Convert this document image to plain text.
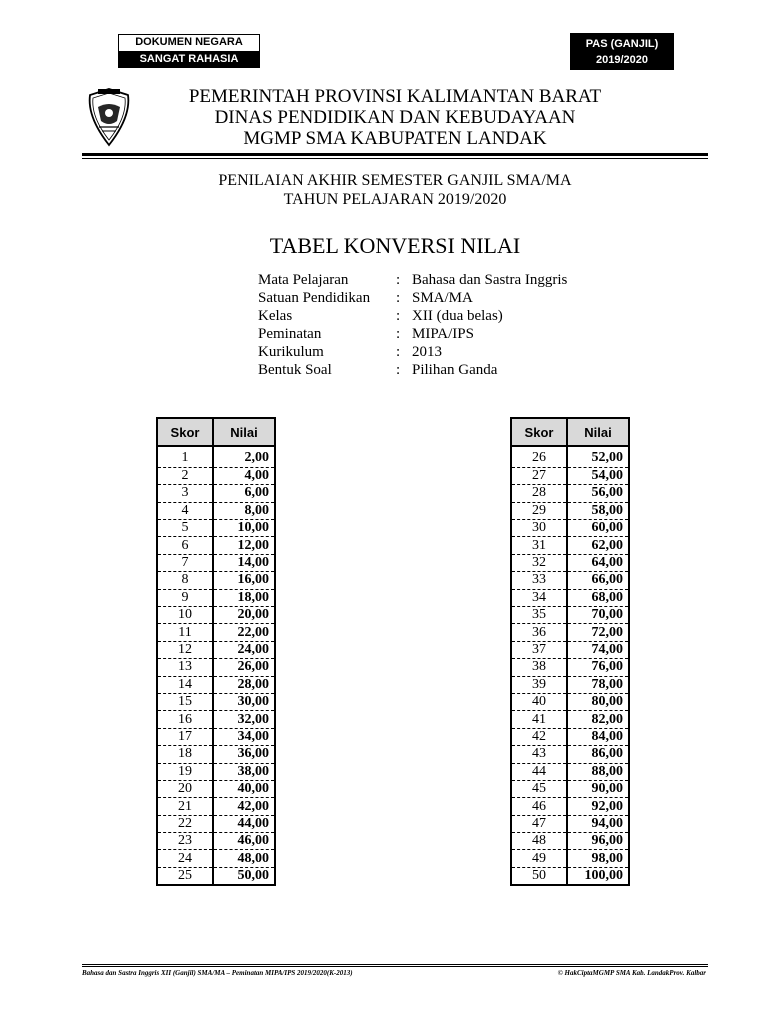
DOKUMEN NEGARA
SANGAT RAHASIA
PAS (GANJIL)
2019/2020
PEMERINTAH PROVINSI KALIMANTAN BARAT
DINAS PENDIDIKAN DAN KEBUDAYAAN
MGMP SMA KABUPATEN LANDAK
PENILAIAN AKHIR SEMESTER GANJIL SMA/MA
TAHUN PELAJARAN 2019/2020
TABEL KONVERSI NILAI
Mata Pelajaran	: Bahasa dan Sastra Inggris
Satuan Pendidikan	: SMA/MA
Kelas	: XII (dua belas)
Peminatan	: MIPA/IPS
Kurikulum	: 2013
Bentuk Soal	: Pilihan Ganda
Skor	Nilai

1	2,00
2	4,00
3	6,00
4	8,00
5	10,00
6	12,00
7	14,00
8	16,00
9	18,00
10	20,00
11	22,00
12	24,00
13	26,00
14	28,00
15	30,00
16	32,00
17	34,00
18	36,00
19	38,00
20	40,00
21	42,00
22	44,00
23	46,00
24	48,00
25	50,00
Skor	Nilai

26	52,00
27	54,00
28	56,00
29	58,00
30	60,00
31	62,00
32	64,00
33	66,00
34	68,00
35	70,00
36	72,00
37	74,00
38	76,00
39	78,00
40	80,00
41	82,00
42	84,00
43	86,00
44	88,00
45	90,00
46	92,00
47	94,00
48	96,00
49	98,00
50	100,00
Bahasa dan Sastra Inggris XII (Ganjil) SMA/MA – Peminatan MIPA/IPS 2019/2020(K-2013)	© HakCiptaMGMP SMA Kab. LandakProv. Kalbar
